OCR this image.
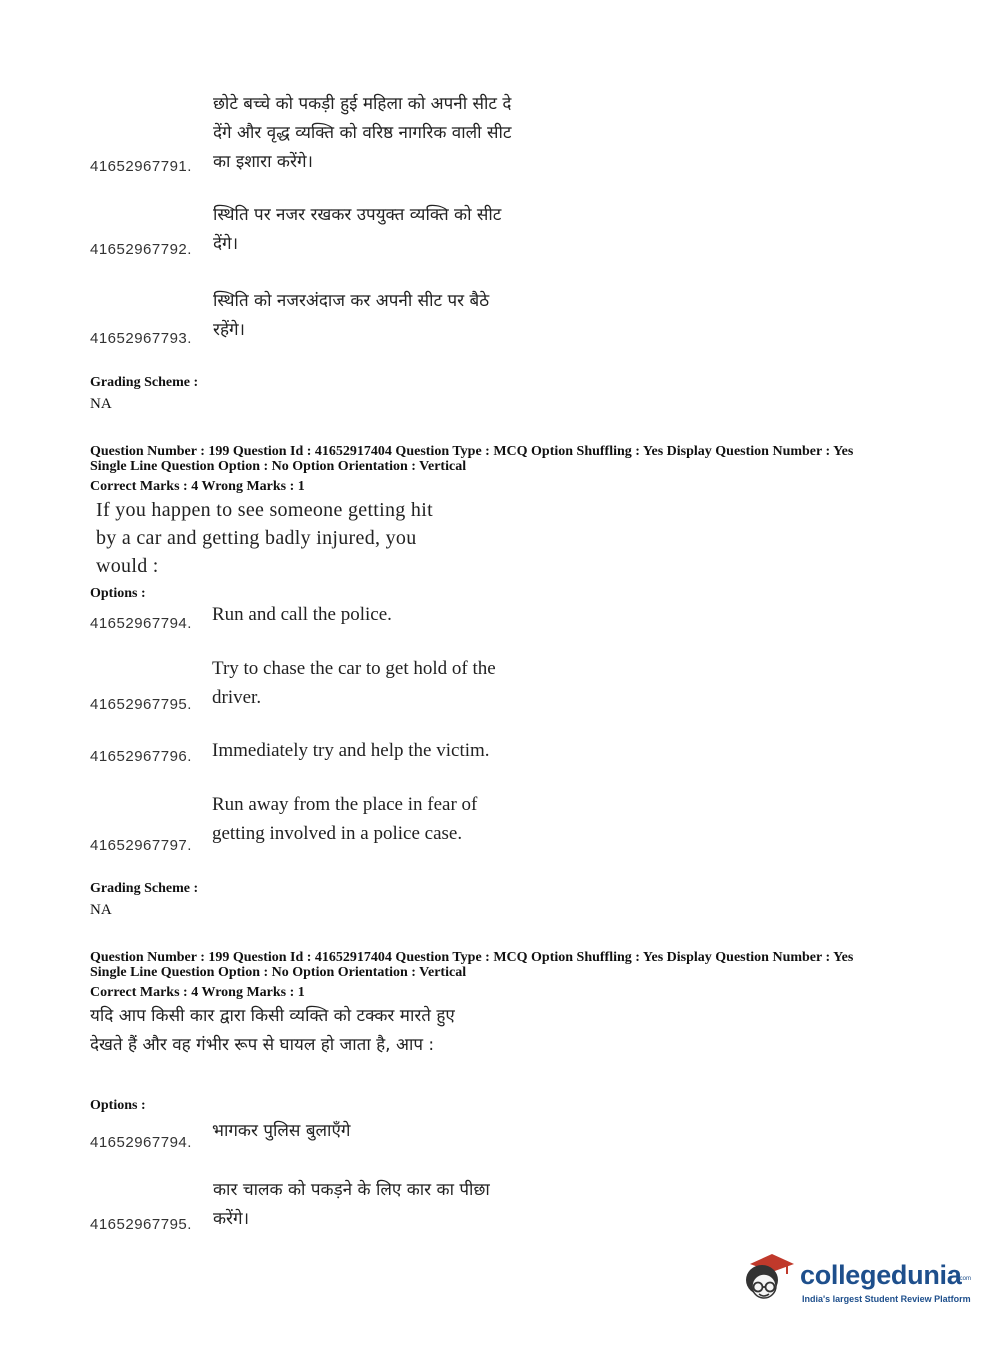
छोटे बच्चे को पकड़ी हुई महिला को अपनी सीट दे देंगे और वृद्ध व्यक्ति को वरिष्ठ नागरिक वाली सीट का इशारा करेंगे।
41652967791.
स्थिति पर नजर रखकर उपयुक्त व्यक्ति को सीट देंगे।
41652967792.
स्थिति को नजरअंदाज कर अपनी सीट पर बैठे रहेंगे।
41652967793.
Grading Scheme :
NA
Question Number : 199 Question Id : 41652917404 Question Type : MCQ Option Shuffling : Yes Display Question Number : Yes
Single Line Question Option : No Option Orientation : Vertical
Correct Marks : 4 Wrong Marks : 1
If you happen to see someone getting hit by a car and getting badly injured, you would :
Options :
Run and call the police.
41652967794.
Try to chase the car to get hold of the driver.
41652967795.
Immediately try and help the victim.
41652967796.
Run away from the place in fear of getting involved in a police case.
41652967797.
Grading Scheme :
NA
Question Number : 199 Question Id : 41652917404 Question Type : MCQ Option Shuffling : Yes Display Question Number : Yes
Single Line Question Option : No Option Orientation : Vertical
Correct Marks : 4 Wrong Marks : 1
यदि आप किसी कार द्वारा किसी व्यक्ति को टक्कर मारते हुए देखते हैं और वह गंभीर रूप से घायल हो जाता है, आप :
Options :
भागकर पुलिस बुलाएँगे
41652967794.
कार चालक को पकड़ने के लिए कार का पीछा करेंगे।
41652967795.
collegedunia
.com
India's largest Student Review Platform
